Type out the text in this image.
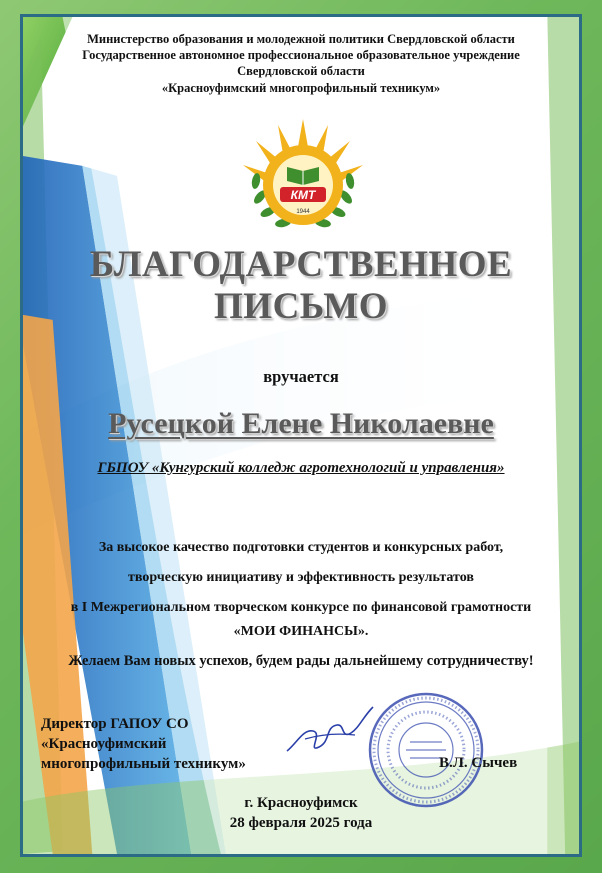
Министерство образования и молодежной политики Свердловской области

Государственное автономное профессиональное образовательное учреждение

Свердловской области

«Красноуфимский многопрофильный техникум»

КМТ
1944

БЛАГОДАРСТВЕННОЕ

ПИСЬМО

вручается

Русецкой Елене Николаевне

ГБПОУ «Кунгурский колледж агротехнологий и управления»

За высокое качество подготовки студентов и конкурсных работ,

творческую инициативу и эффективность результатов

в I Межрегиональном творческом конкурсе по финансовой грамотности

«МОИ ФИНАНСЫ».

Желаем Вам новых успехов, будем рады дальнейшему сотрудничеству!

Директор ГАПОУ СО
«Красноуфимский
многопрофильный техникум»	В.Л. Сычев

г. Красноуфимск

28 февраля 2025 года
